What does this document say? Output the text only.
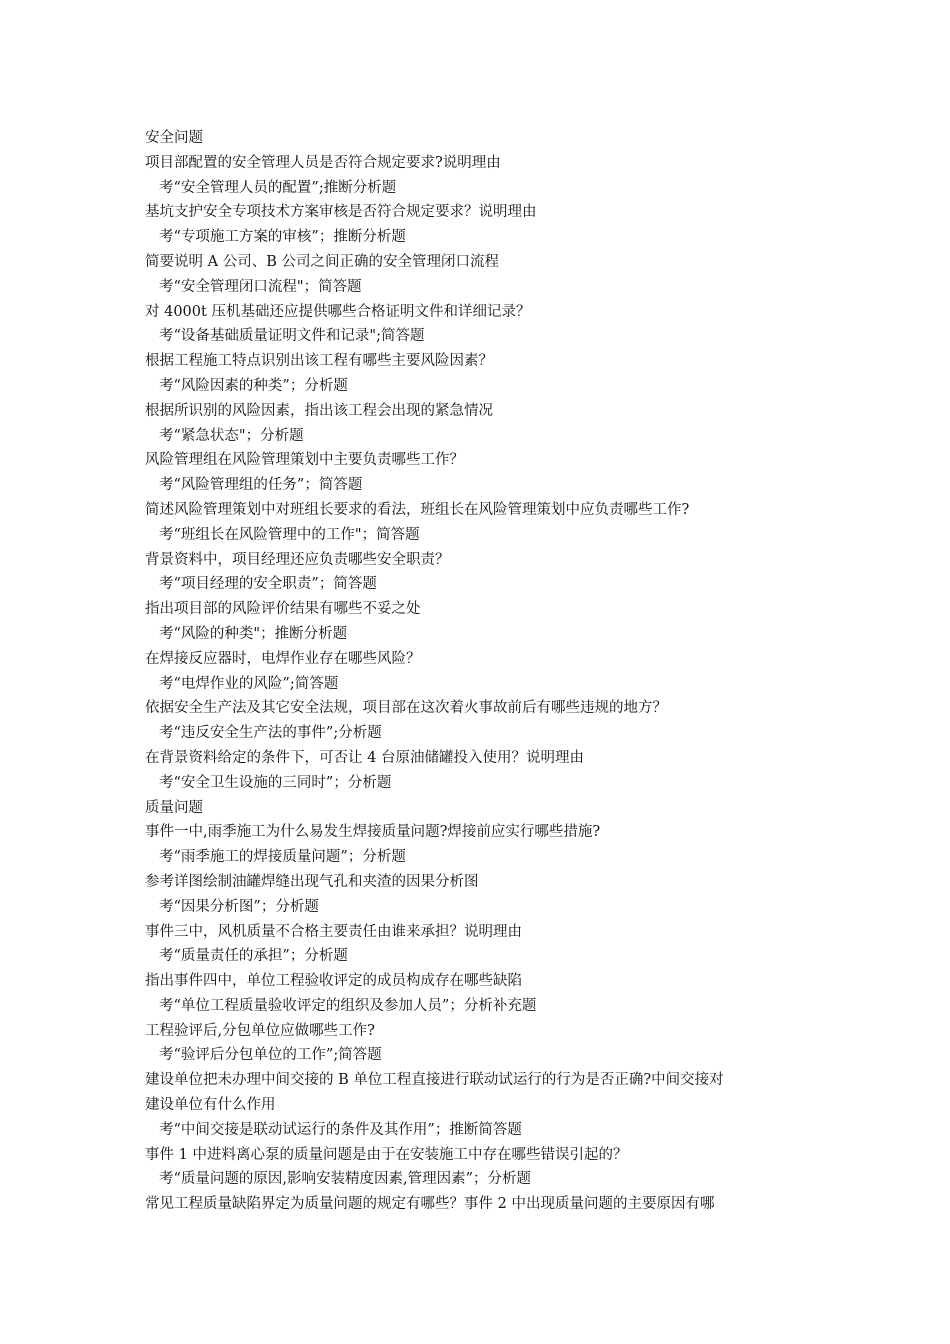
安全问题
项目部配置的安全管理人员是否符合规定要求?说明理由
考“安全管理人员的配置”;推断分析题
基坑支护安全专项技术方案审核是否符合规定要求？说明理由
考“专项施工方案的审核”；推断分析题
简要说明 A 公司、B 公司之间正确的安全管理闭口流程
考“安全管理闭口流程"；简答题
对 4000t 压机基础还应提供哪些合格证明文件和详细记录？
考“设备基础质量证明文件和记录";简答题
根据工程施工特点识别出该工程有哪些主要风险因素？
考“风险因素的种类”；分析题
根据所识别的风险因素，指出该工程会出现的紧急情况
考“紧急状态"；分析题
风险管理组在风险管理策划中主要负责哪些工作？
考“风险管理组的任务”；简答题
简述风险管理策划中对班组长要求的看法，班组长在风险管理策划中应负责哪些工作?
考“班组长在风险管理中的工作"；简答题
背景资料中，项目经理还应负责哪些安全职责？
考“项目经理的安全职责”；简答题
指出项目部的风险评价结果有哪些不妥之处
考“风险的种类"；推断分析题
在焊接反应器时，电焊作业存在哪些风险？
考“电焊作业的风险”;简答题
依据安全生产法及其它安全法规，项目部在这次着火事故前后有哪些违规的地方？
考“违反安全生产法的事件”;分析题
在背景资料给定的条件下，可否让 4 台原油储罐投入使用？说明理由
考“安全卫生设施的三同时”；分析题
质量问题
事件一中,雨季施工为什么易发生焊接质量问题?焊接前应实行哪些措施?
考“雨季施工的焊接质量问题”；分析题
参考详图绘制油罐焊缝出现气孔和夹渣的因果分析图
考“因果分析图”；分析题
事件三中，风机质量不合格主要责任由谁来承担？说明理由
考“质量责任的承担”；分析题
指出事件四中，单位工程验收评定的成员构成存在哪些缺陷
考“单位工程质量验收评定的组织及参加人员”；分析补充题
工程验评后,分包单位应做哪些工作?
考“验评后分包单位的工作”;简答题
建设单位把未办理中间交接的 B 单位工程直接进行联动试运行的行为是否正确?中间交接对
建设单位有什么作用
考“中间交接是联动试运行的条件及其作用”；推断简答题
事件 1 中进料离心泵的质量问题是由于在安装施工中存在哪些错误引起的？
考“质量问题的原因,影响安装精度因素,管理因素”；分析题
常见工程质量缺陷界定为质量问题的规定有哪些？事件 2 中出现质量问题的主要原因有哪
